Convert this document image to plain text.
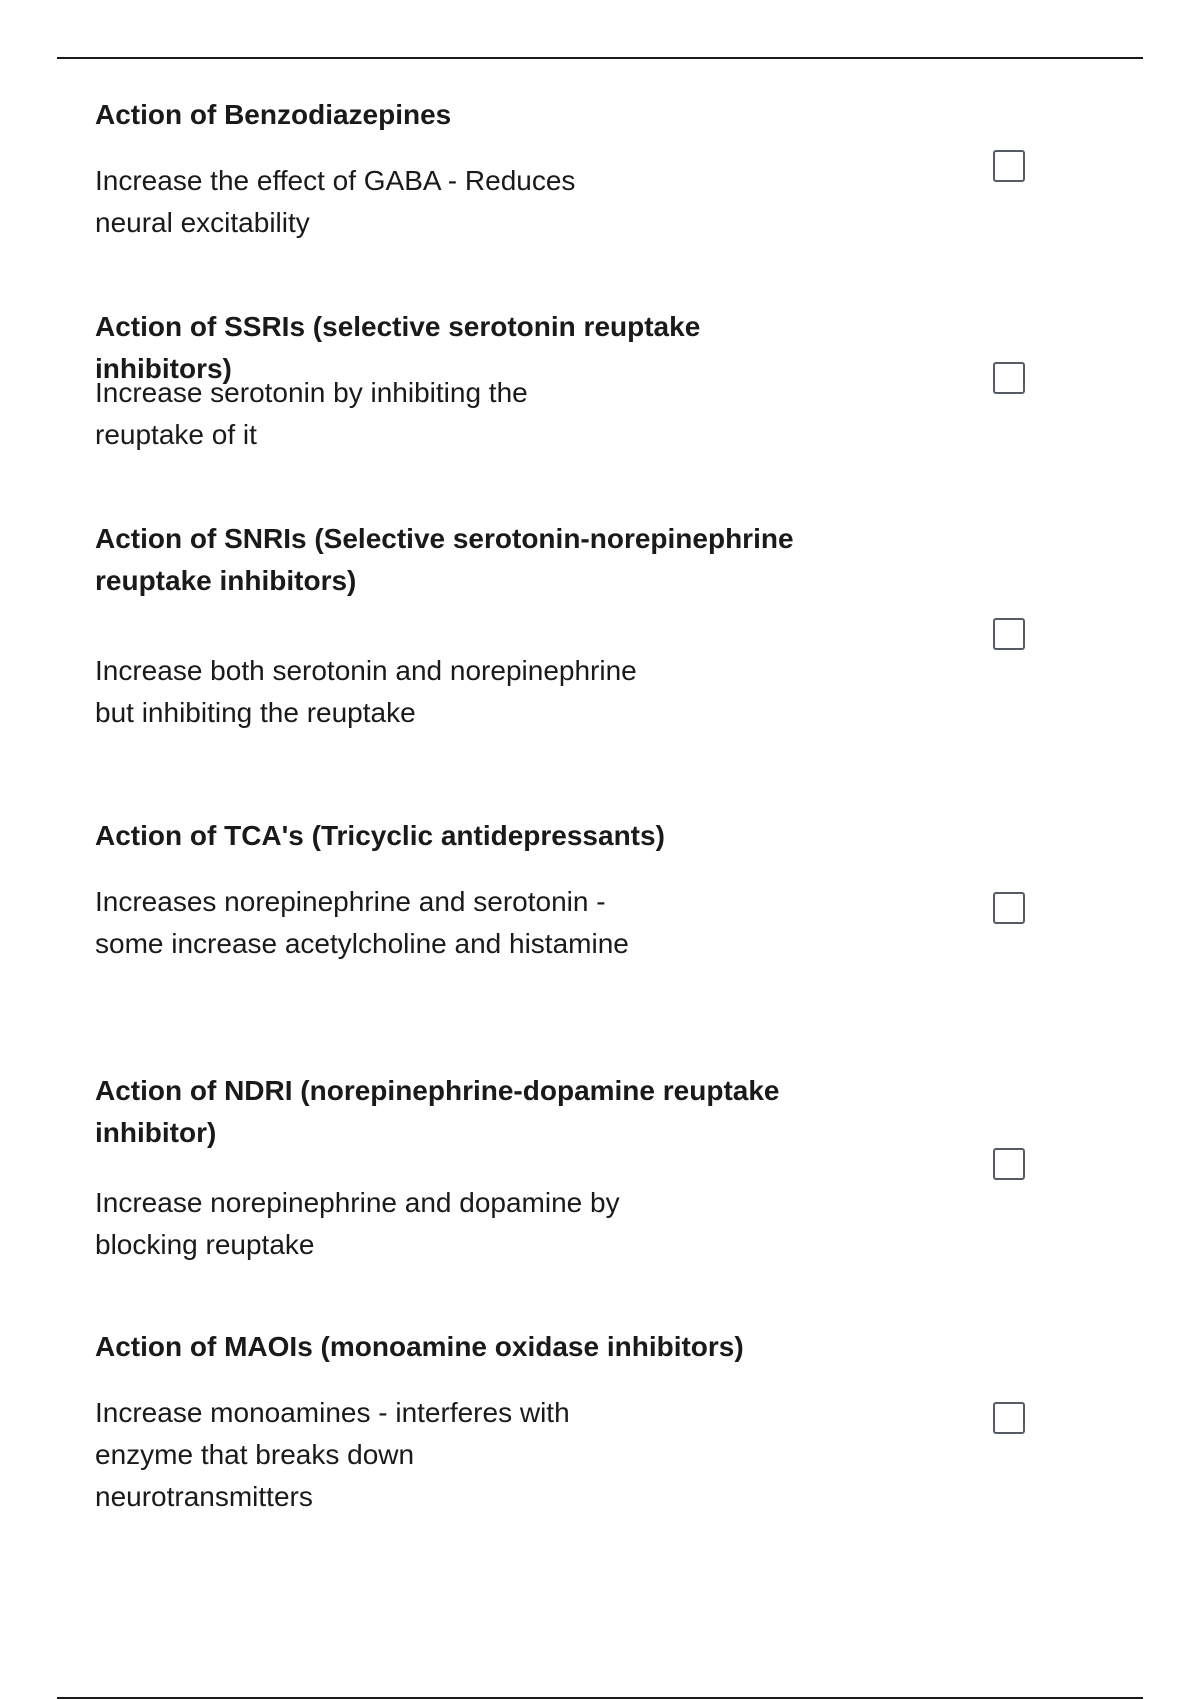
Action of Benzodiazepines

Increase the effect of GABA - Reduces neural excitability

Action of SSRIs (selective serotonin reuptake inhibitors)

Increase serotonin by inhibiting the reuptake of it

Action of SNRIs (Selective serotonin-norepinephrine reuptake inhibitors)

Increase both serotonin and norepinephrine but inhibiting the reuptake

Action of TCA's (Tricyclic antidepressants)

Increases norepinephrine and serotonin - some increase acetylcholine and histamine

Action of NDRI (norepinephrine-dopamine reuptake inhibitor)

Increase norepinephrine and dopamine by blocking reuptake

Action of MAOIs (monoamine oxidase inhibitors)

Increase monoamines - interferes with enzyme that breaks down neurotransmitters
